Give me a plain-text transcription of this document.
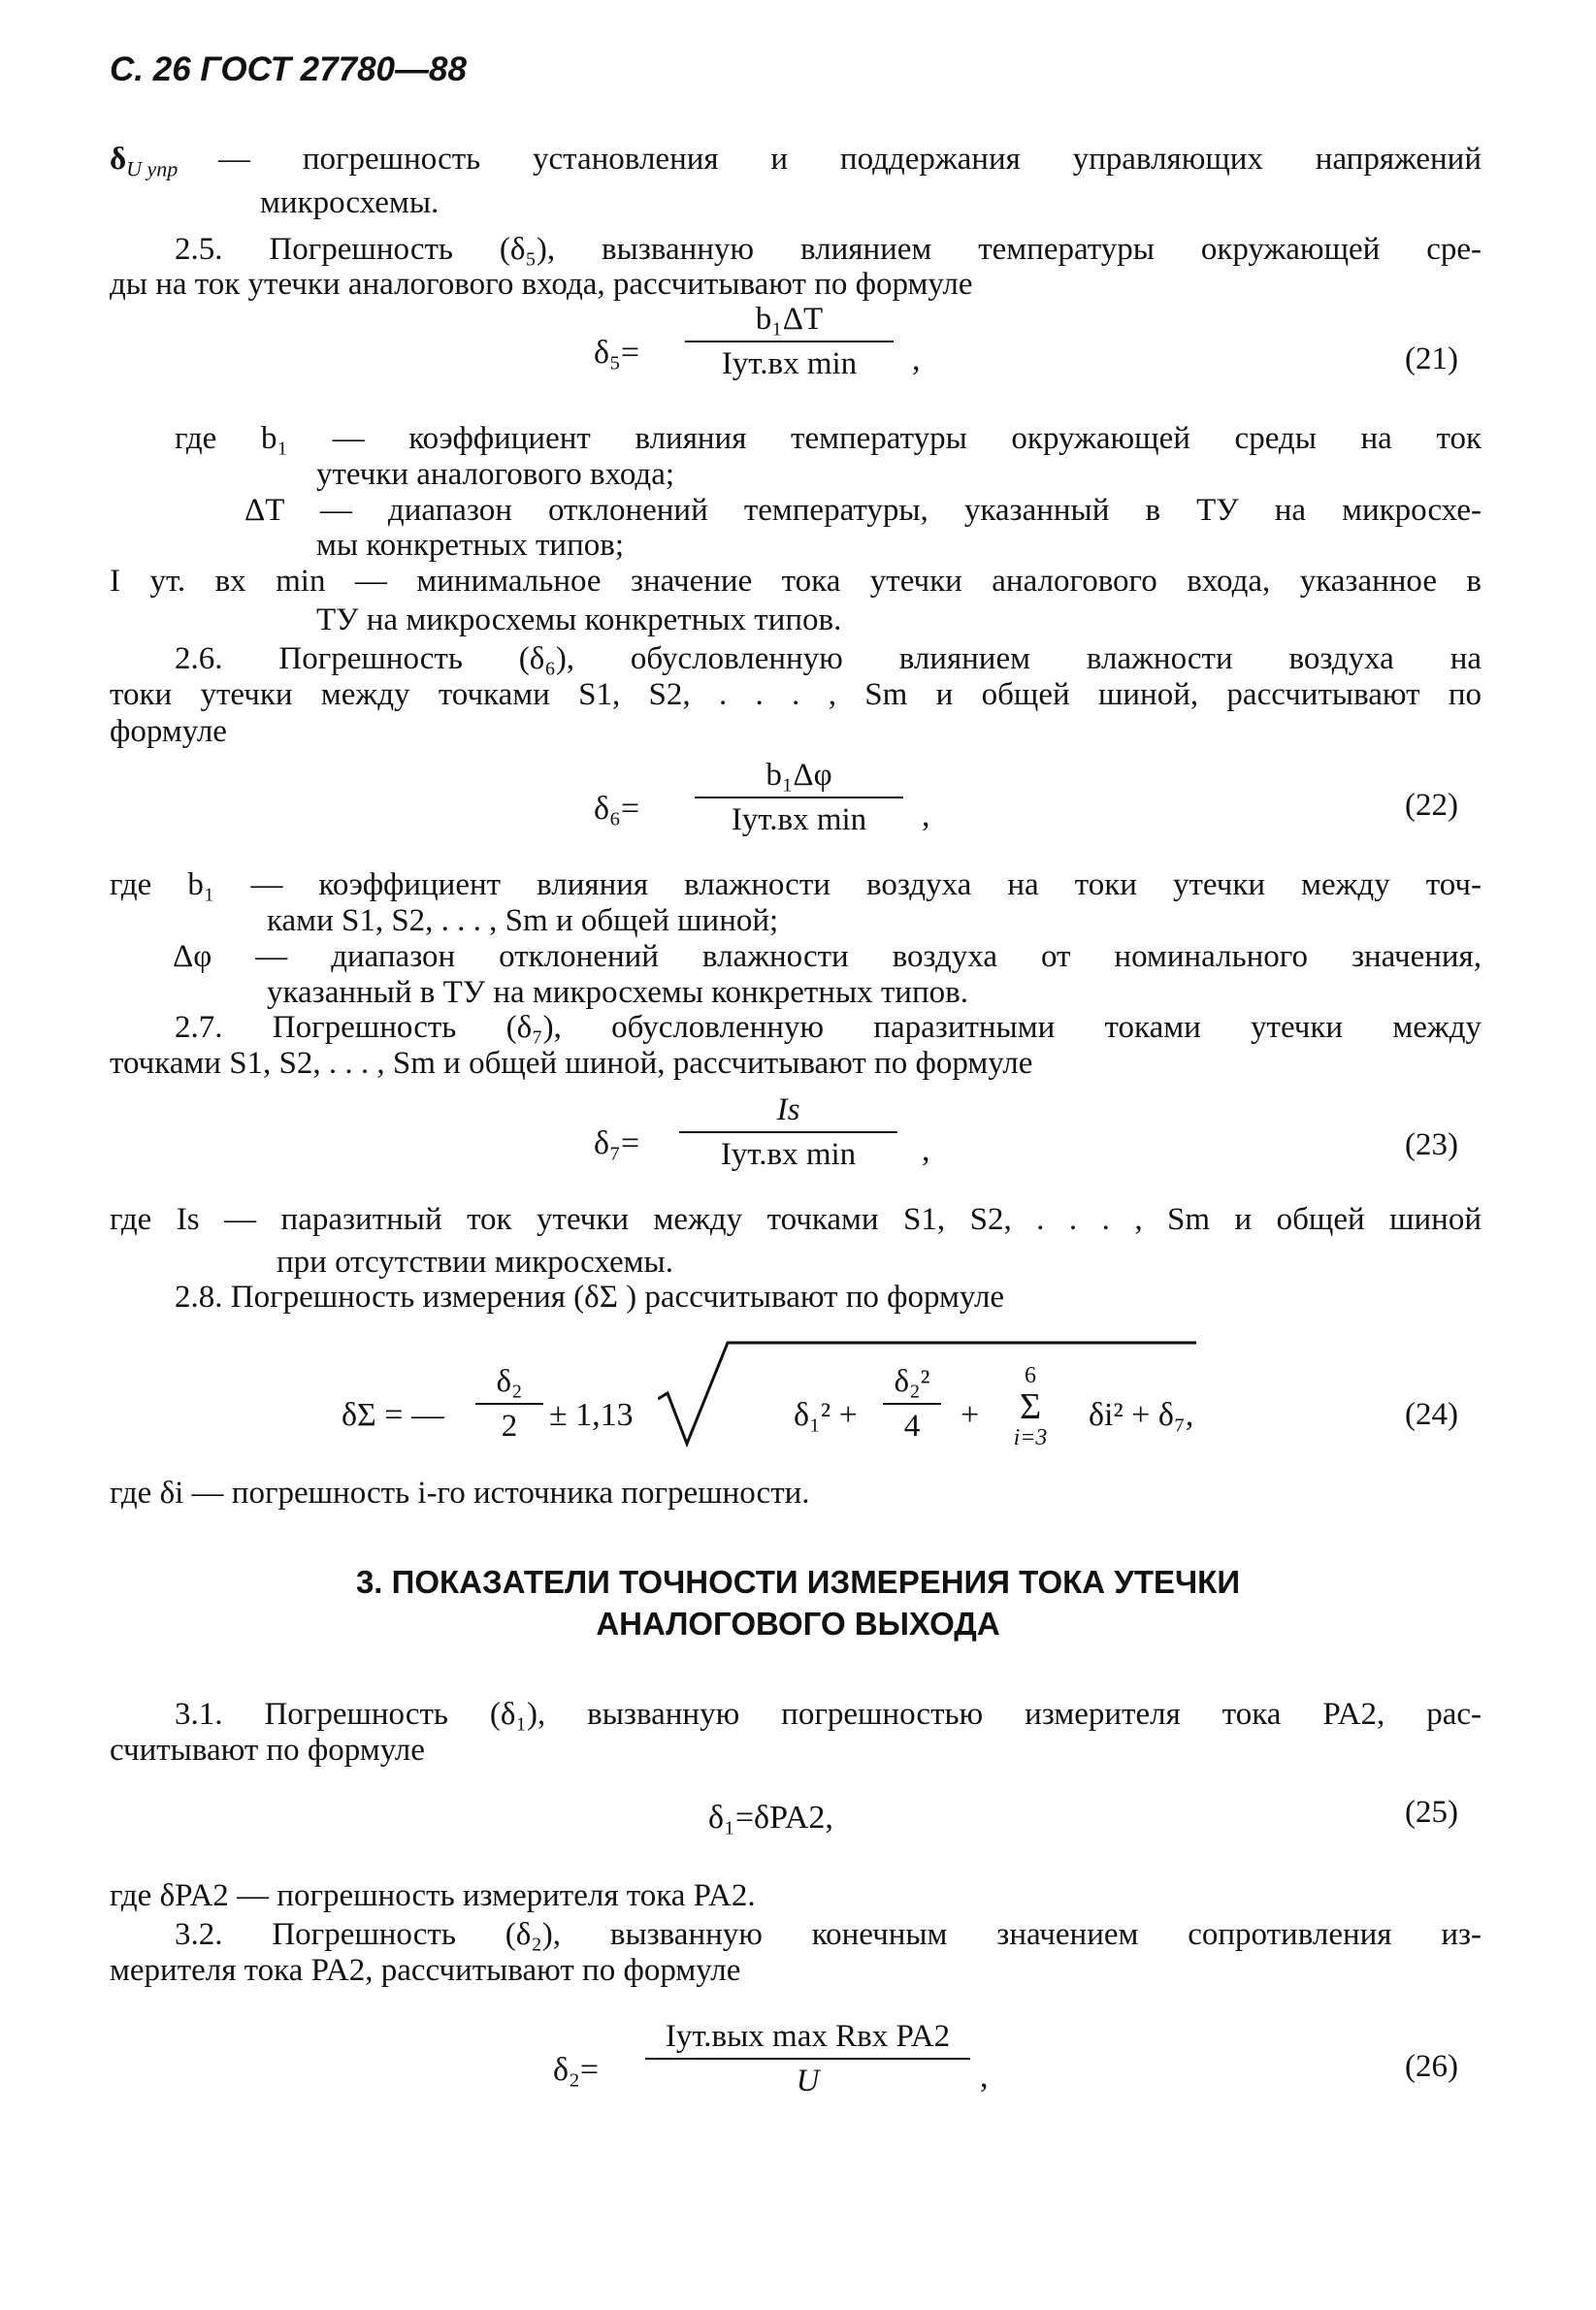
С. 26 ГОСТ 27780—88
$\delta_{U упр}$ — погрешность установления и поддержания управляющих напряжений
микросхемы.
2.5. Погрешность (δ₅), вызванную влиянием температуры окружающей сре-
ды на ток утечки аналогового входа, рассчитывают по формуле
δ₅=
b₁ΔT
Iут.вх min	,	(21)
где b₁ — коэффициент влияния температуры окружающей среды на ток
утечки аналогового входа;
ΔT — диапазон отклонений температуры, указанный в ТУ на микросхе-
мы конкретных типов;
I ут. вх min — минимальное значение тока утечки аналогового входа, указанное в
ТУ на микросхемы конкретных типов.
2.6. Погрешность (δ₆), обусловленную влиянием влажности воздуха на
токи утечки между точками S1, S2, . . . , Sm и общей шиной, рассчитывают по
формуле
δ₆=
b₁Δφ
Iут.вх min	,	(22)
где b₁ — коэффициент влияния влажности воздуха на токи утечки между точ-
ками S1, S2, . . . , Sm и общей шиной;
Δφ — диапазон отклонений влажности воздуха от номинального значения,
указанный в ТУ на микросхемы конкретных типов.
2.7. Погрешность (δ₇), обусловленную паразитными токами утечки между
точками S1, S2, . . . , Sm и общей шиной, рассчитывают по формуле
δ₇=
Is
Iут.вх min	,	(23)
где Is — паразитный ток утечки между точками S1, S2, . . . , Sm и общей шиной
при отсутствии микросхемы.
2.8. Погрешность измерения (δΣ ) рассчитывают по формуле
δΣ = —
δ₂
2 ± 1,13	δ₁² +
δ₂²
4	+
6
Σ
i=3
δi² + δ₇,	(24)
где δi — погрешность i-го источника погрешности.
3. ПОКАЗАТЕЛИ ТОЧНОСТИ ИЗМЕРЕНИЯ ТОКА УТЕЧКИ
АНАЛОГОВОГО ВЫХОДА
3.1. Погрешность (δ₁), вызванную погрешностью измерителя тока PA2, рас-
считывают по формуле
δ₁=δPA2,	(25)
где δPA2 — погрешность измерителя тока PA2.
3.2. Погрешность (δ₂), вызванную конечным значением сопротивления из-
мерителя тока PA2, рассчитывают по формуле
δ₂=
Iут.вых max Rвх PA2
U	,	(26)
